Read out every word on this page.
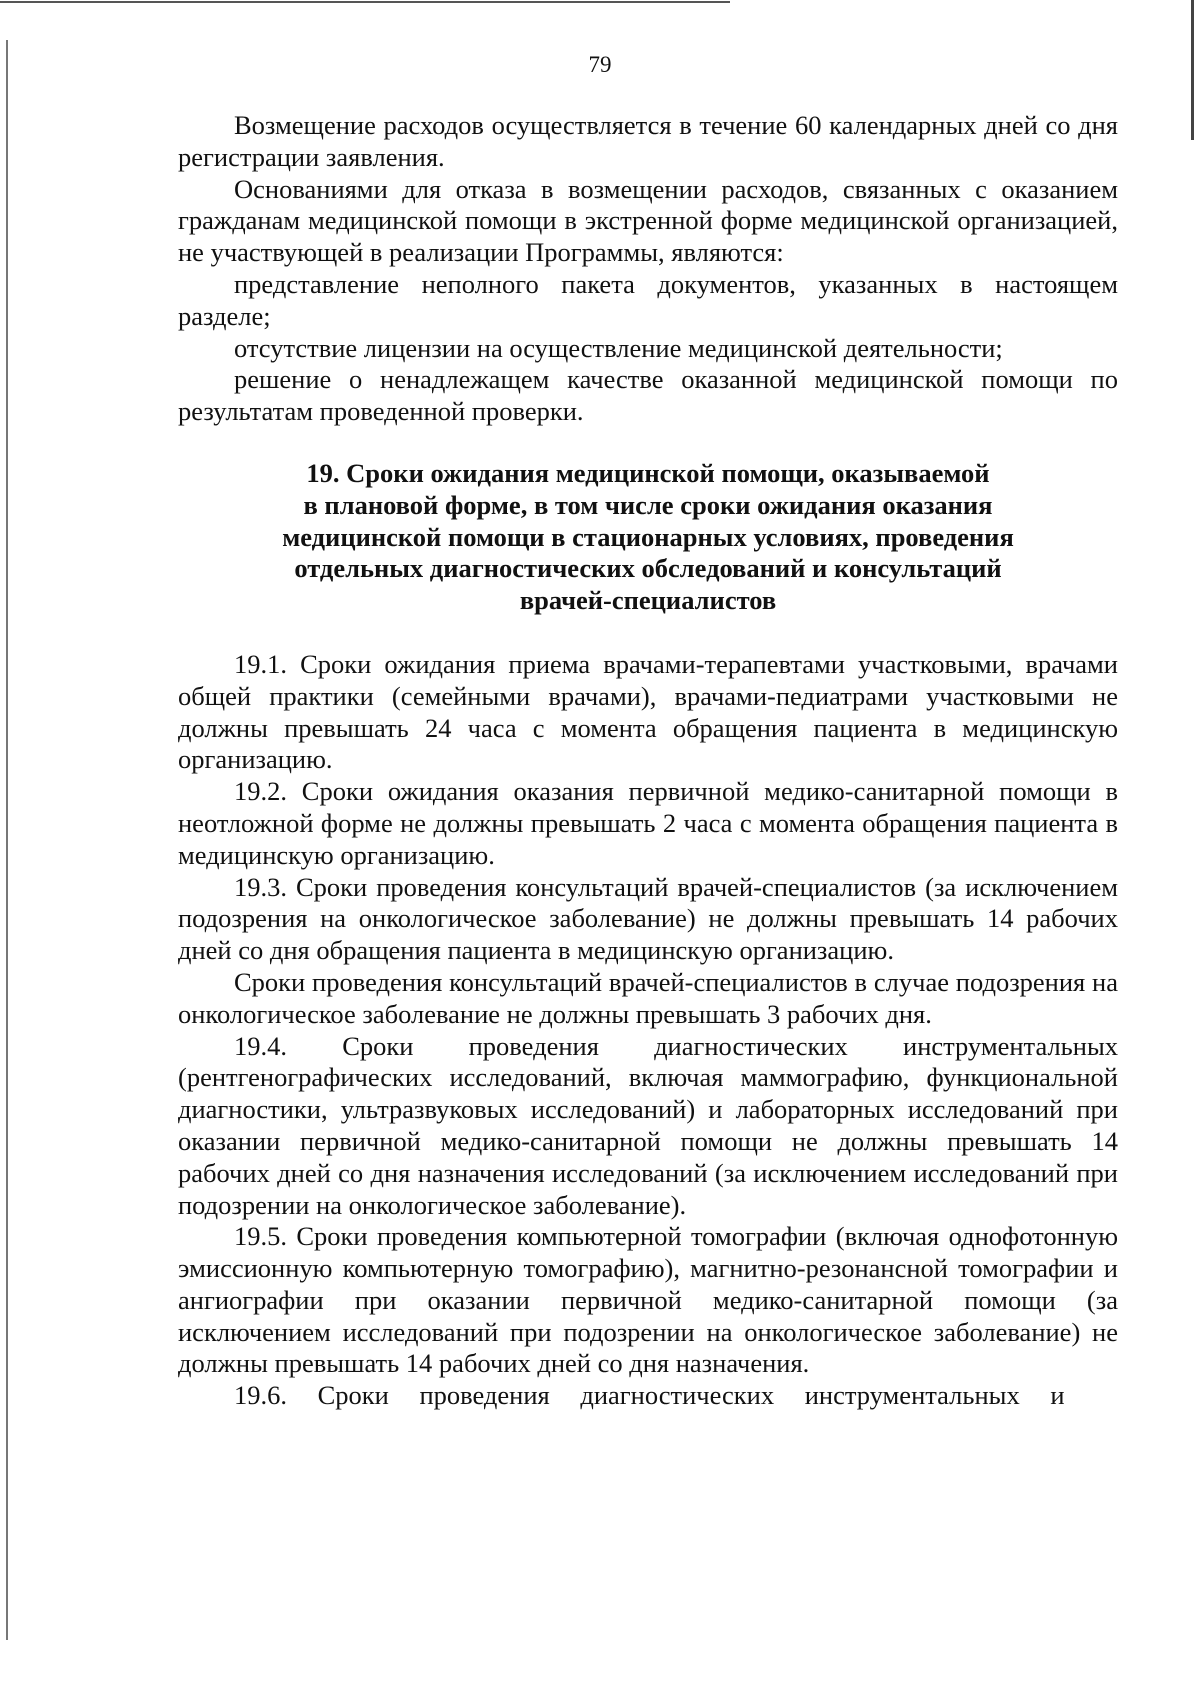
79

Возмещение расходов осуществляется в течение 60 календарных дней со дня регистрации заявления.

Основаниями для отказа в возмещении расходов, связанных с оказанием гражданам медицинской помощи в экстренной форме медицинской организацией, не участвующей в реализации Программы, являются:

представление неполного пакета документов, указанных в настоящем разделе;

отсутствие лицензии на осуществление медицинской деятельности;

решение о ненадлежащем качестве оказанной медицинской помощи по результатам проведенной проверки.

19. Сроки ожидания медицинской помощи, оказываемой
в плановой форме, в том числе сроки ожидания оказания
медицинской помощи в стационарных условиях, проведения
отдельных диагностических обследований и консультаций
врачей-специалистов

19.1. Сроки ожидания приема врачами-терапевтами участковыми, врачами общей практики (семейными врачами), врачами-педиатрами участковыми не должны превышать 24 часа с момента обращения пациента в медицинскую организацию.

19.2. Сроки ожидания оказания первичной медико-санитарной помощи в неотложной форме не должны превышать 2 часа с момента обращения пациента в медицинскую организацию.

19.3. Сроки проведения консультаций врачей-специалистов (за исключением подозрения на онкологическое заболевание) не должны превышать 14 рабочих дней со дня обращения пациента в медицинскую организацию.

Сроки проведения консультаций врачей-специалистов в случае подозрения на онкологическое заболевание не должны превышать 3 рабочих дня.

19.4. Сроки проведения диагностических инструментальных (рентгенографических исследований, включая маммографию, функциональной диагностики, ультразвуковых исследований) и лабораторных исследований при оказании первичной медико-санитарной помощи не должны превышать 14 рабочих дней со дня назначения исследований (за исключением исследований при подозрении на онкологическое заболевание).

19.5. Сроки проведения компьютерной томографии (включая однофотонную эмиссионную компьютерную томографию), магнитно-резонансной томографии и ангиографии при оказании первичной медико-санитарной помощи (за исключением исследований при подозрении на онкологическое заболевание) не должны превышать 14 рабочих дней со дня назначения.

19.6. Сроки проведения диагностических инструментальных и
